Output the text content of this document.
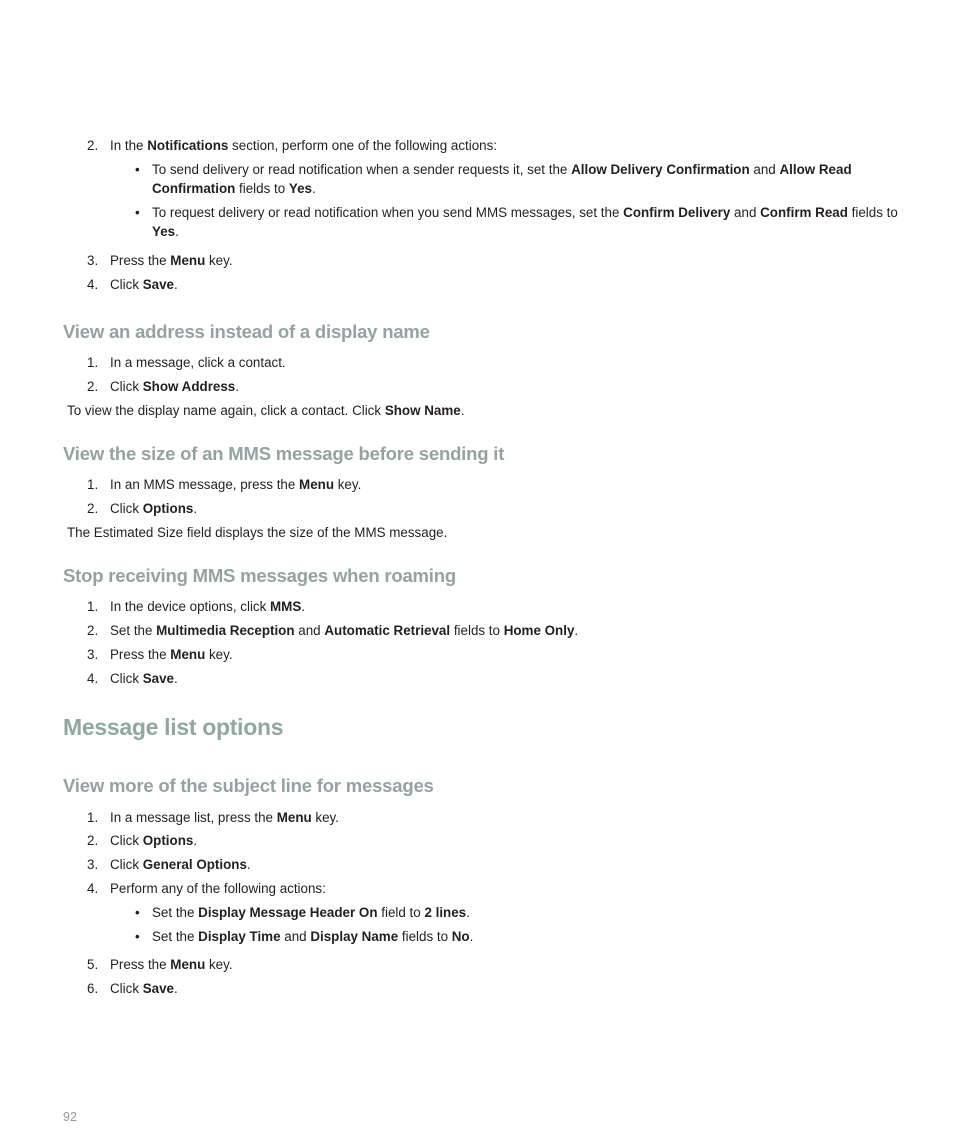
2. In the Notifications section, perform one of the following actions:
• To send delivery or read notification when a sender requests it, set the Allow Delivery Confirmation and Allow Read Confirmation fields to Yes.
• To request delivery or read notification when you send MMS messages, set the Confirm Delivery and Confirm Read fields to Yes.
3. Press the Menu key.
4. Click Save.
View an address instead of a display name
1. In a message, click a contact.
2. Click Show Address.
To view the display name again, click a contact. Click Show Name.
View the size of an MMS message before sending it
1. In an MMS message, press the Menu key.
2. Click Options.
The Estimated Size field displays the size of the MMS message.
Stop receiving MMS messages when roaming
1. In the device options, click MMS.
2. Set the Multimedia Reception and Automatic Retrieval fields to Home Only.
3. Press the Menu key.
4. Click Save.
Message list options
View more of the subject line for messages
1. In a message list, press the Menu key.
2. Click Options.
3. Click General Options.
4. Perform any of the following actions:
• Set the Display Message Header On field to 2 lines.
• Set the Display Time and Display Name fields to No.
5. Press the Menu key.
6. Click Save.
92
